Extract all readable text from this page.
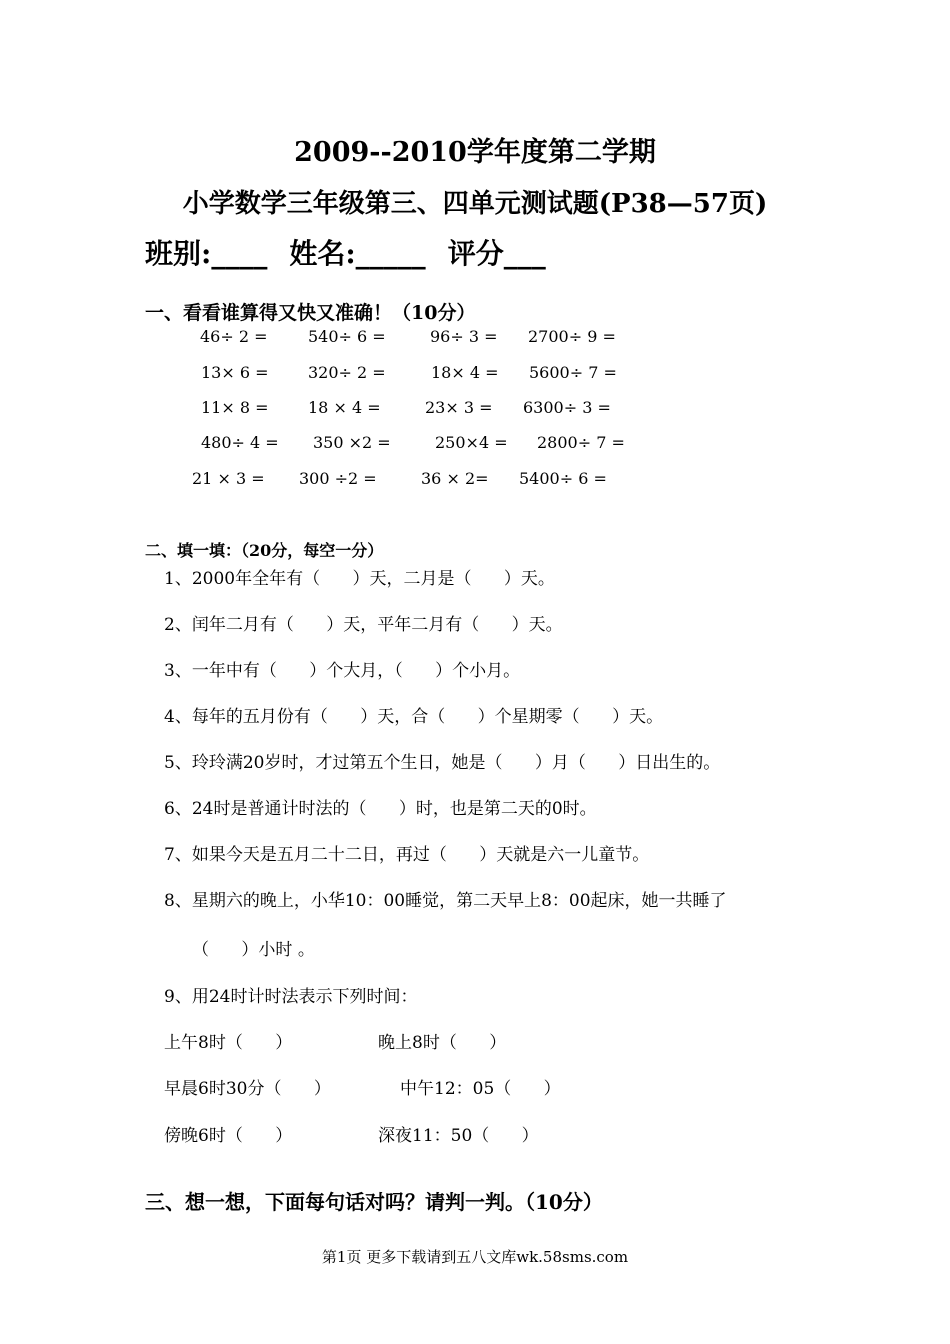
2009--2010学年度第二学期
小学数学三年级第三、四单元测试题(P38—57页)
班别:____ 姓名:_____ 评分___
一、看看谁算得又快又准确！（10分）
46÷ 2 =	540÷ 6 =	96÷ 3 = 2700÷ 9 =
13× 6 = 320÷ 2 =	18× 4 = 5600÷ 7 =
11× 8 = 18 × 4 =	23× 3 = 6300÷ 3 =
480÷ 4 = 350 ×2 =	250×4 = 2800÷ 7 =
21 × 3 = 300 ÷2 =	36 × 2= 5400÷ 6 =
二、填一填：（20分，每空一分）
1、2000年全年有（      ）天，二月是（      ）天。
2、闰年二月有（      ）天，平年二月有（      ）天。
3、一年中有（      ）个大月，（      ）个小月。
4、每年的五月份有（      ）天，合（      ）个星期零（      ）天。
5、玲玲满20岁时，才过第五个生日，她是（      ）月（      ）日出生的。
6、24时是普通计时法的（      ）时，也是第二天的0时。
7、如果今天是五月二十二日，再过（      ）天就是六一儿童节。
8、星期六的晚上，小华10：00睡觉，第二天早上8：00起床，她一共睡了
（      ）小时 。
9、用24时计时法表示下列时间：
上午8时（      ）	晚上8时（      ）
早晨6时30分（      ）	中午12：05（      ）
傍晚6时（      ）	深夜11：50（      ）
三、想一想，下面每句话对吗？请判一判。（10分）
第1页 更多下载请到五八文库wk.58sms.com
